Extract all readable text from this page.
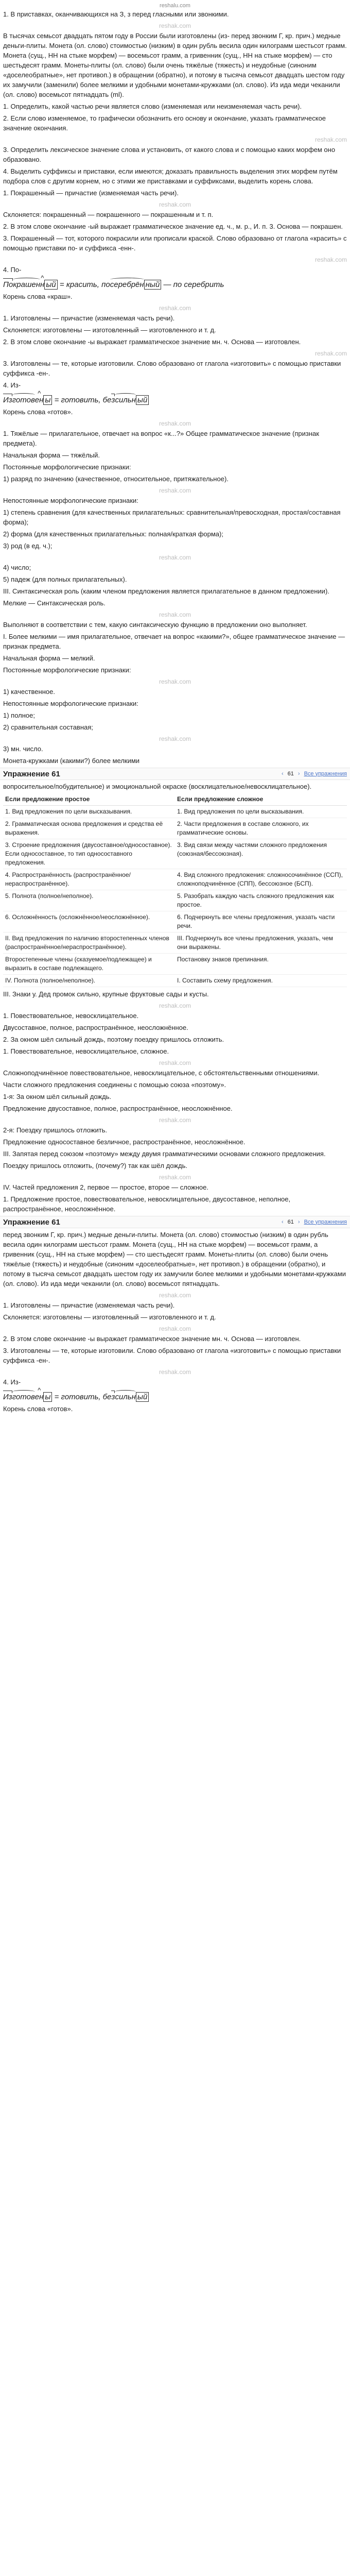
reshalu.com

1. В приставках, оканчивающихся на З, з перед гласными или звонкими.

reshak.com

В тысячах семьсот двадцать пятом году в России были изготовлены (из- перед звонким Г, кр. прич.) медные деньги-плиты. Монета (ол. слово) стоимостью (низким) в один рубль весила один килограмм шестьсот грамм. Монета (сущ., НН на стыке морфем) — восемьсот грамм, а гривенник (сущ., НН на стыке морфем) — сто шестьдесят грамм. Монеты-плиты (ол. слово) были очень тяжёлые (тяжесть) и неудобные (синоним «доселеобратные», нет противоп.) в обращении (обратно), и потому в тысяча семьсот двадцать шестом году их замучили (заменили) более мелкими и удобными монетами-кружками (ол. слово). Из ида меди чеканили (ол. слово) восемьсот пятнадцать (ml).

1. Определить, какой частью речи является слово (изменяемая или неизменяемая часть речи).

2. Если слово изменяемое, то графически обозначить его основу и окончание, указать грамматическое значение окончания.

reshak.com

3. Определить лексическое значение слова и установить, от какого слова и с помощью каких морфем оно образовано.

4. Выделить суффиксы и приставки, если имеются; доказать правильность выделения этих морфем путём подбора слов с другим корнем, но с этими же приставками и суффиксами, выделить корень слова.

1. Покрашенный — причастие (изменяемая часть речи).

reshak.com

Склоняется: покрашенный — покрашенного — покрашенным и т. п.

2. В этом слове окончание -ый выражает грамматическое значение ед. ч., м. р., И. п. 3. Основа — покрашен.

3. Покрашенный — тот, которого покрасили или прописали краской. Слово образовано от глагола «красить» с помощью приставки по- и суффикса -енн-.

reshak.com

4. По-

Покрашен^ н ый = красить, посеребрён ный — по серебрить

Корень слова «краш».

reshak.com

1. Изготовлены — причастие (изменяемая часть речи).

Склоняется: изготовлены — изготовленный — изготовленного и т. д.

2. В этом слове окончание -ы выражает грамматическое значение мн. ч. Основа — изготовлен.

reshak.com

3. Изготовлены — те, которые изготовили. Слово образовано от глагола «изготовить» с помощью приставки суффикса -ен-.

4. Из-

Изготов^ ен ы = готовить, безсильн ый

Корень слова «готов».

reshak.com

1. Тяжёлые — прилагательное, отвечает на вопрос «к...?» Общее грамматическое значение (признак предмета).

Начальная форма — тяжёлый.

Постоянные морфологические признаки:

1) разряд по значению (качественное, относительное, притяжательное).

reshak.com

Непостоянные морфологические признаки:

1) степень сравнения (для качественных прилагательных: сравнительная/превосходная, простая/составная форма);

2) форма (для качественных прилагательных: полная/краткая форма);

3) род (в ед. ч.);

reshak.com

4) число;

5) падеж (для полных прилагательных).

III. Синтаксическая роль (каким членом предложения является прилагательное в данном предложении).

Мелкие — Синтаксическая роль.

reshak.com

Выполняют в соответствии с тем, какую синтаксическую функцию в предложении оно выполняет.

I. Более мелкими — имя прилагательное, отвечает на вопрос «какими?», общее грамматическое значение — признак предмета.

Начальная форма — мелкий.

Постоянные морфологические признаки:

reshak.com

1) качественное.

Непостоянные морфологические признаки:

1) полное;

2) сравнительная составная;

reshak.com

3) мн. число.

Монета-кружками (какими?) более мелкими

Упражнение 61	‹ 61 › Все упражнения

вопросительное/побудительное) и эмоциональной окраске (восклицательное/невосклицательное).

Если предложение простое	Если предложение сложное
1. Вид предложения по цели высказывания.	1. Вид предложения по цели высказывания.
2. Грамматическая основа предложения и средства её выражения.	2. Части предложения в составе сложного, их грамматические основы.
3. Строение предложения (двусоставное/односоставное). Если односоставное, то тип односоставного предложения.	3. Вид связи между частями сложного предложения (союзная/бессоюзная).
4. Распространённость (распространённое/нераспространённое).	4. Вид сложного предложения: сложносочинённое (ССП), сложноподчинённое (СПП), бессоюзное (БСП).
5. Полнота (полное/неполное).	5. Разобрать каждую часть сложного предложения как простое.
6. Осложнённость (осложнённое/неосложнённое).	6. Подчеркнуть все члены предложения, указать части речи.
II. Вид предложения по наличию второстепенных членов (распространённое/нераспространённое).	III. Подчеркнуть все члены предложения, указать, чем они выражены.
Второстепенные члены (сказуемое/подлежащее) и выразить в составе подлежащего.	Постановку знаков препинания.
IV. Полнота (полное/неполное).	I. Составить схему предложения.

III. Знаки у. Дед промок сильно, крупные фруктовые сады и кусты.

reshak.com

1. Повествовательное, невосклицательное.

Двусоставное, полное, распространённое, неосложнённое.

2. За окном шёл сильный дождь, поэтому поездку пришлось отложить.

1. Повествовательное, невосклицательное, сложное.

reshak.com

Сложноподчинённое повествовательное, невосклицательное, с обстоятельственными отношениями.

Части сложного предложения соединены с помощью союза «поэтому».

1-я: За окном шёл сильный дождь.

Предложение двусоставное, полное, распространённое, неосложнённое.

reshak.com

2-я: Поездку пришлось отложить.

Предложение односоставное безличное, распространённое, неосложнённое.

III. Запятая перед союзом «поэтому» между двумя грамматическими основами сложного предложения.

Поездку пришлось отложить, (почему?) так как шёл дождь.

reshak.com

IV. Частей предложения 2, первое — простое, второе — сложное.

1. Предложение простое, повествовательное, невосклицательное, двусоставное, неполное, распространённое, неосложнённое.

Упражнение 61	‹ 61 › Все упражнения

перед звонким Г, кр. прич.) медные деньги-плиты. Монета (ол. слово) стоимостью (низким) в один рубль весила один килограмм шестьсот грамм. Монета (сущ., НН на стыке морфем) — восемьсот грамм, а гривенник (сущ., НН на стыке морфем) — сто шестьдесят грамм. Монеты-плиты (ол. слово) были очень тяжёлые (тяжесть) и неудобные (синоним «доселеобратные», нет противоп.) в обращении (обратно), и потому в тысяча семьсот двадцать шестом году их замучили более мелкими и удобными монетами-кружками (ол. слово). Из ида меди чеканили (ол. слово) восемьсот пятнадцать.

reshak.com

1. Изготовлены — причастие (изменяемая часть речи).

Склоняется: изготовлены — изготовленный — изготовленного и т. д.

reshak.com

2. В этом слове окончание -ы выражает грамматическое значение мн. ч. Основа — изготовлен.

3. Изготовлены — те, которые изготовили. Слово образовано от глагола «изготовить» с помощью приставки суффикса -ен-.

reshak.com

4. Из-

Изготов^ ен ы = готовить, безсильн ый

Корень слова «готов».
